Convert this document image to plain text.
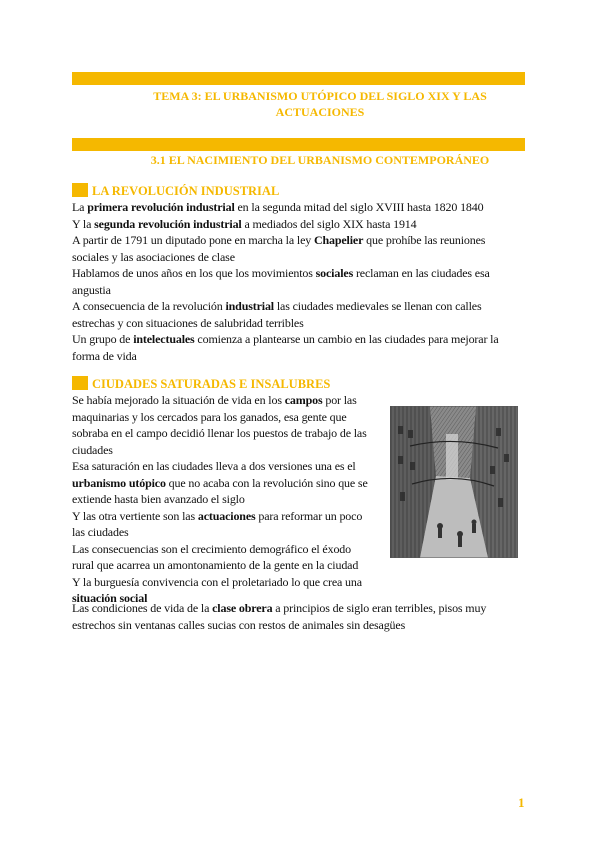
TEMA 3: EL URBANISMO UTÓPICO DEL SIGLO XIX Y LAS ACTUACIONES
3.1 EL NACIMIENTO DEL URBANISMO CONTEMPORÁNEO
LA REVOLUCIÓN INDUSTRIAL

La primera revolución industrial en la segunda mitad del siglo XVIII hasta 1820 1840

Y la segunda revolución industrial a mediados del siglo XIX hasta 1914

A partir de 1791 un diputado pone en marcha la ley Chapelier que prohíbe las reuniones

sociales y las asociaciones de clase

Hablamos de unos años en los que los movimientos sociales reclaman en las ciudades esa

angustia

A consecuencia de la revolución industrial las ciudades medievales se llenan con calles

estrechas y con situaciones de salubridad terribles

Un grupo de intelectuales comienza a plantearse un cambio en las ciudades para mejorar la

forma de vida

CIUDADES SATURADAS E INSALUBRES

Se había mejorado la situación de vida en los campos por las

maquinarias y los cercados para los ganados, esa gente que

sobraba en el campo decidió llenar los puestos de trabajo de las

ciudades

Esa saturación en las ciudades lleva a dos versiones una es el

urbanismo utópico que no acaba con la revolución sino que se

extiende hasta bien avanzado el siglo

Y las otra vertiente son las actuaciones para reformar un poco

las ciudades

Las consecuencias son el crecimiento demográfico el éxodo

rural que acarrea un amontonamiento de la gente en la ciudad

Y la burguesía convivencia con el proletariado lo que crea una

situación social

Las condiciones de vida de la clase obrera a principios de siglo eran terribles, pisos muy

estrechos sin ventanas calles sucias con restos de animales sin desagües

1
